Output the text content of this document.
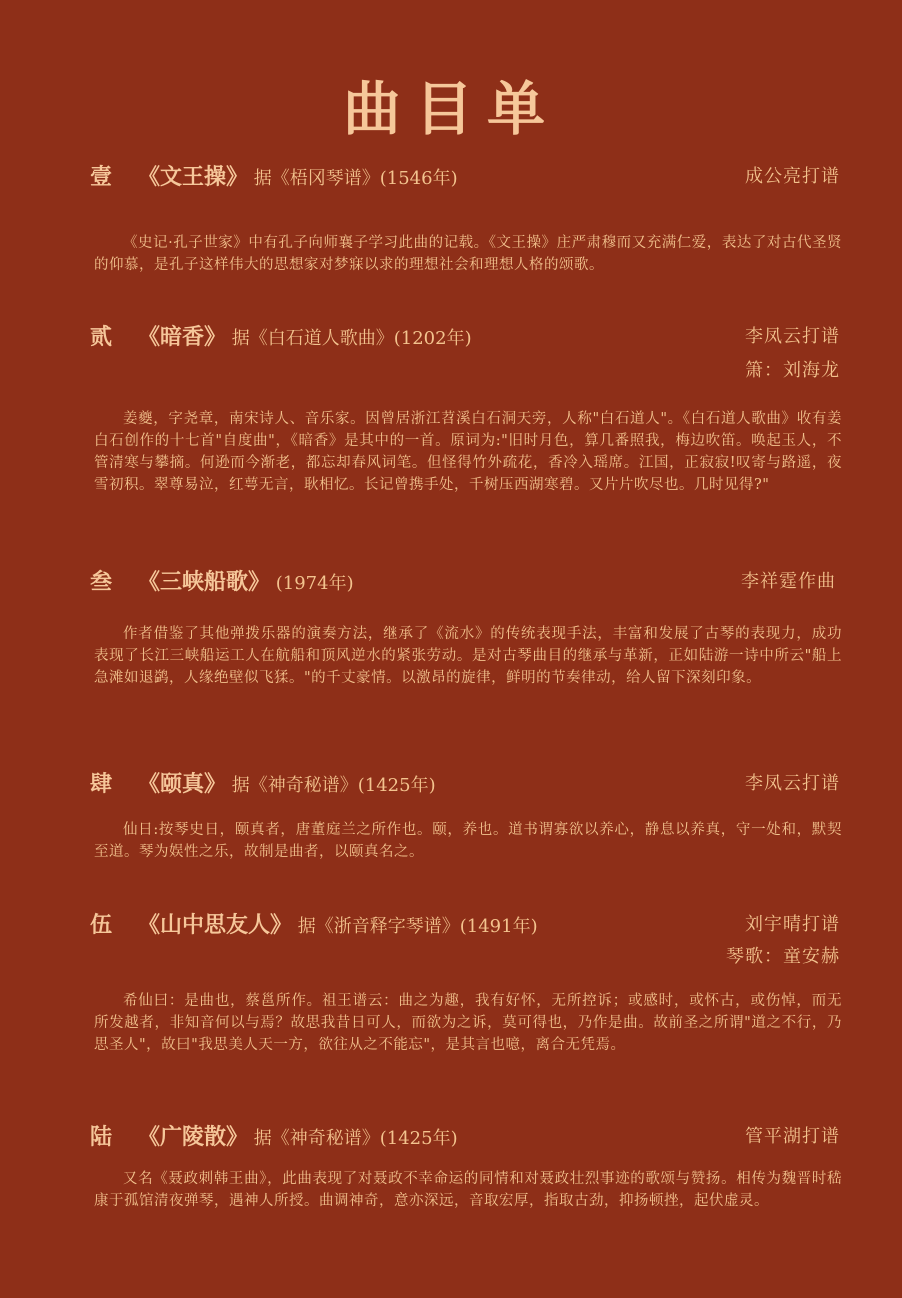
曲目单
壹 《文王操》 据《梧冈琴谱》(1546年)	成公亮打谱
《史记·孔子世家》中有孔子向师襄子学习此曲的记载。《文王操》庄严肃穆而又充满仁爱，表达了对古代圣贤的仰慕，是孔子这样伟大的思想家对梦寐以求的理想社会和理想人格的颂歌。
贰 《暗香》 据《白石道人歌曲》(1202年)	李凤云打谱
箫：刘海龙
姜夔，字尧章，南宋诗人、音乐家。因曾居浙江苕溪白石洞天旁，人称"白石道人"。《白石道人歌曲》收有姜白石创作的十七首"自度曲"，《暗香》是其中的一首。原词为:"旧时月色，算几番照我，梅边吹笛。唤起玉人，不管清寒与攀摘。何逊而今渐老，都忘却春风词笔。但怪得竹外疏花，香冷入瑶席。江国，正寂寂!叹寄与路遥，夜雪初积。翠尊易泣，红萼无言，耿相忆。长记曾携手处，千树压西湖寒碧。又片片吹尽也。几时见得?"
叁 《三峡船歌》 (1974年)	李祥霆作曲
作者借鉴了其他弹拨乐器的演奏方法，继承了《流水》的传统表现手法，丰富和发展了古琴的表现力，成功表现了长江三峡船运工人在航船和顶风逆水的紧张劳动。是对古琴曲目的继承与革新，正如陆游一诗中所云"船上急滩如退鹢，人缘绝壁似飞猱。"的千丈豪情。以激昂的旋律，鲜明的节奏律动，给人留下深刻印象。
肆 《颐真》 据《神奇秘谱》(1425年)	李凤云打谱
仙日:按琴史日，颐真者，唐董庭兰之所作也。颐，养也。道书谓寡欲以养心，静息以养真，守一处和，默契至道。琴为娱性之乐，故制是曲者，以颐真名之。
伍 《山中思友人》 据《浙音释字琴谱》(1491年)	刘宇晴打谱
琴歌：童安赫
希仙曰：是曲也，蔡邕所作。祖王谱云：曲之为趣，我有好怀，无所控诉；或感时，或怀古，或伤悼，而无所发越者，非知音何以与焉？故思我昔日可人，而欲为之诉，莫可得也，乃作是曲。故前圣之所谓"道之不行，乃思圣人"，故曰"我思美人天一方，欲往从之不能忘"，是其言也噫，离合无凭焉。
陆 《广陵散》 据《神奇秘谱》(1425年)	管平湖打谱
又名《聂政刺韩王曲》，此曲表现了对聂政不幸命运的同情和对聂政壮烈事迹的歌颂与赞扬。相传为魏晋时嵇康于孤馆清夜弹琴，遇神人所授。曲调神奇，意亦深远，音取宏厚，指取古劲，抑扬顿挫，起伏虚灵。
